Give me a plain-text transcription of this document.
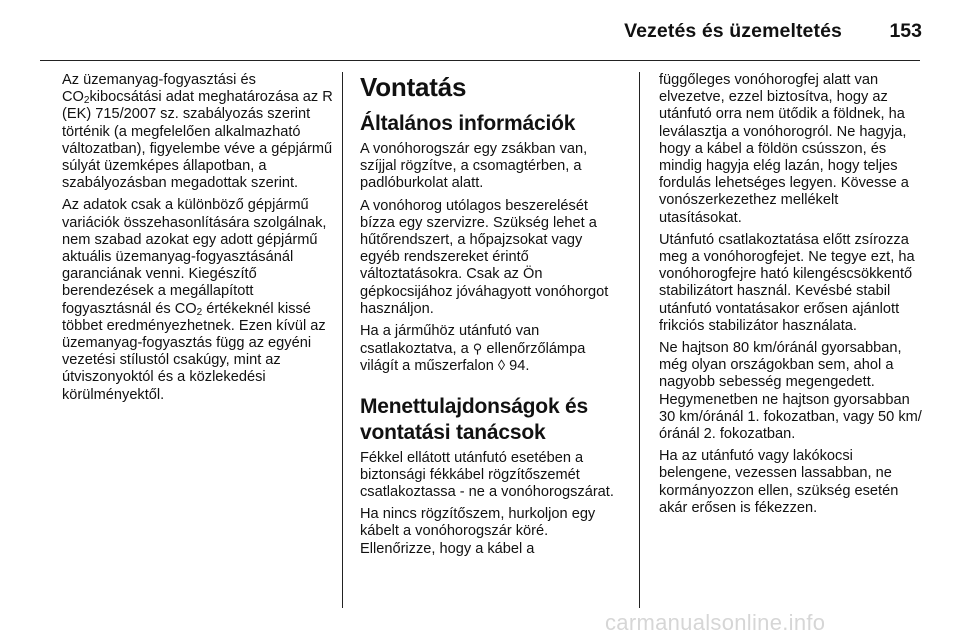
Vezetés és üzemeltetés 153

Az üzemanyag-fogyasztási és $CO_2kibocsátási$ adat meghatározása az R (EK) 715/2007 sz. szabályozás szerint történik (a megfelelően alkalmazható változatban), figyelembe véve a gépjármű súlyát üzemképes állapotban, a szabályozásban megadottak szerint.

Az adatok csak a különböző gépjármű variációk összehasonlítására szolgálnak, nem szabad azokat egy adott gépjármű aktuális üzemanyag-fogyasztásánál garanciának venni. Kiegészítő berendezések a megállapított fogyasztásnál és $CO_2$ értékeknél kissé többet eredményezhetnek. Ezen kívül az üzemanyag-fogyasztás függ az egyéni vezetési stílustól csakúgy, mint az útviszonyoktól és a közlekedési körülményektől.

Vontatás
Általános információk

A vonóhorogszár egy zsákban van, szíjjal rögzítve, a csomagtérben, a padlóburkolat alatt.

A vonóhorog utólagos beszerelését bízza egy szervizre. Szükség lehet a hűtőrendszert, a hőpajzsokat vagy egyéb rendszereket érintő változtatásokra. Csak az Ön gépkocsijához jóváhagyott vonóhorgot használjon.

Ha a járműhöz utánfutó van csatlakoztatva, a ⚲ ellenőrzőlámpa világít a műszerfalon ◊ 94.

Menettulajdonságok és vontatási tanácsok

Fékkel ellátott utánfutó esetében a biztonsági fékkábel rögzítőszemét csatlakoztassa - ne a vonóhorogszárat.

Ha nincs rögzítőszem, hurkoljon egy kábelt a vonóhorogszár köré. Ellenőrizze, hogy a kábel a

függőleges vonóhorogfej alatt van elvezetve, ezzel biztosítva, hogy az utánfutó orra nem ütődik a földnek, ha leválasztja a vonóhorogról. Ne hagyja, hogy a kábel a földön csússzon, és mindig hagyja elég lazán, hogy teljes fordulás lehetséges legyen. Kövesse a vonószerkezethez mellékelt utasításokat.

Utánfutó csatlakoztatása előtt zsírozza meg a vonóhorogfejet. Ne tegye ezt, ha vonóhorogfejre ható kilengéscsökkentő stabilizátort használ. Kevésbé stabil utánfutó vontatásakor erősen ajánlott frikciós stabilizátor használata.

Ne hajtson 80 km/óránál gyorsabban, még olyan országokban sem, ahol a nagyobb sebesség megengedett. Hegymenetben ne hajtson gyorsabban 30 km/óránál 1. fokozatban, vagy 50 km/óránál 2. fokozatban.

Ha az utánfutó vagy lakókocsi belengene, vezessen lassabban, ne kormányozzon ellen, szükség esetén akár erősen is fékezzen.

carmanualsonline.info
